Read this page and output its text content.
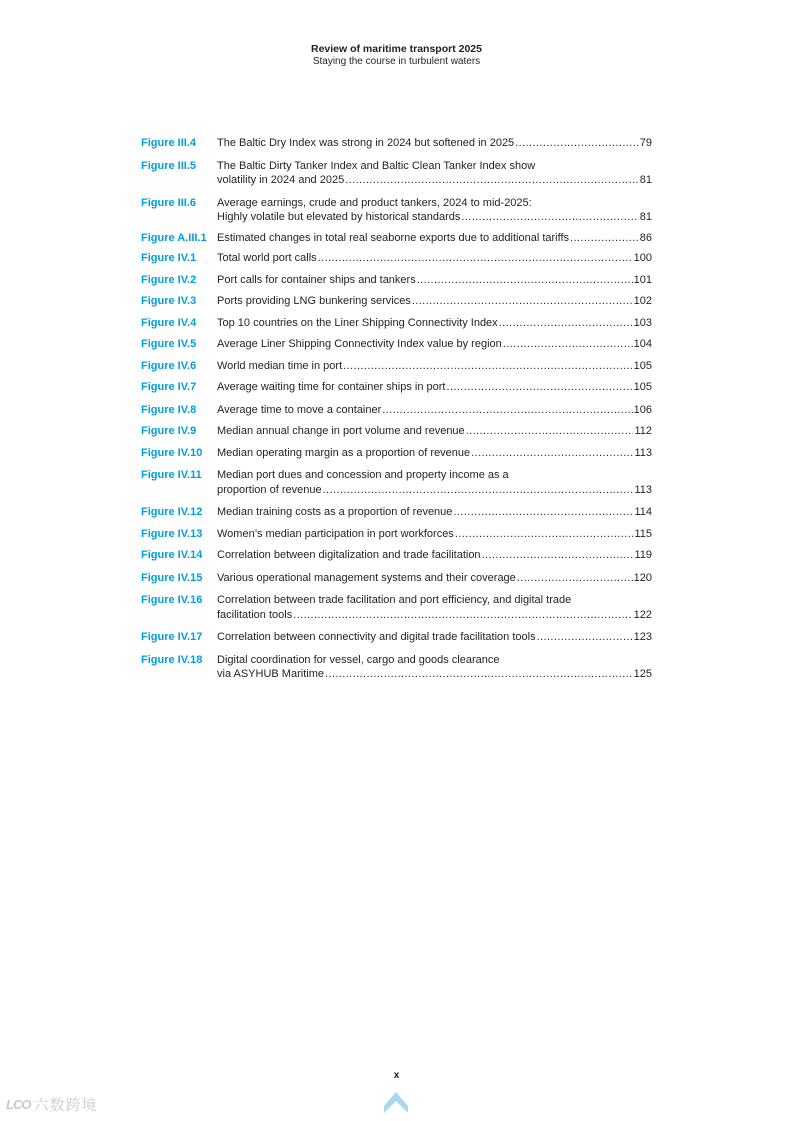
Review of maritime transport 2025
Staying the course in turbulent waters
Figure III.4	The Baltic Dry Index was strong in 2024 but softened in 2025 .....	79
Figure III.5	The Baltic Dirty Tanker Index and Baltic Clean Tanker Index show
volatility in 2024 and 2025 .....	81
Figure III.6	Average earnings, crude and product tankers, 2024 to mid-2025:
Highly volatile but elevated by historical standards .....	81
Figure A.III.1 Estimated changes in total real seaborne exports due to additional tariffs .....	86
Figure IV.1	Total world port calls .....	100
Figure IV.2	Port calls for container ships and tankers .....	101
Figure IV.3	Ports providing LNG bunkering services .....	102
Figure IV.4	Top 10 countries on the Liner Shipping Connectivity Index .....	103
Figure IV.5	Average Liner Shipping Connectivity Index value by region .....	104
Figure IV.6	World median time in port .....	105
Figure IV.7	Average waiting time for container ships in port .....	105
Figure IV.8	Average time to move a container .....	106
Figure IV.9	Median annual change in port volume and revenue .....	112
Figure IV.10	Median operating margin as a proportion of revenue .....	113
Figure IV.11	Median port dues and concession and property income as a
proportion of revenue .....	113
Figure IV.12	Median training costs as a proportion of revenue .....	114
Figure IV.13	Women’s median participation in port workforces .....	115
Figure IV.14	Correlation between digitalization and trade facilitation .....	119
Figure IV.15	Various operational management systems and their coverage .....	120
Figure IV.16	Correlation between trade facilitation and port efficiency, and digital trade
facilitation tools .....	122
Figure IV.17	Correlation between connectivity and digital trade facilitation tools .....	123
Figure IV.18	Digital coordination for vessel, cargo and goods clearance
via ASYHUB Maritime .....	125
x
LCO 六数跨境
